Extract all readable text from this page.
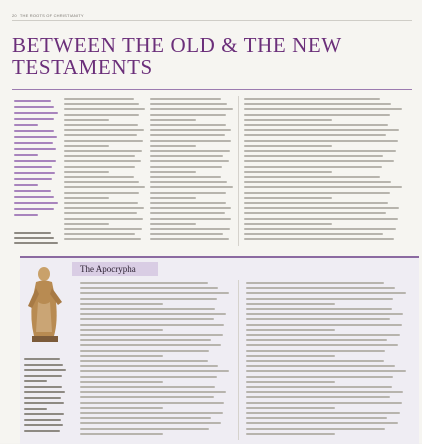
20 THE ROOTS OF CHRISTIANITY
BETWEEN THE OLD & THE NEW TESTAMENTS
The Apocrypha
